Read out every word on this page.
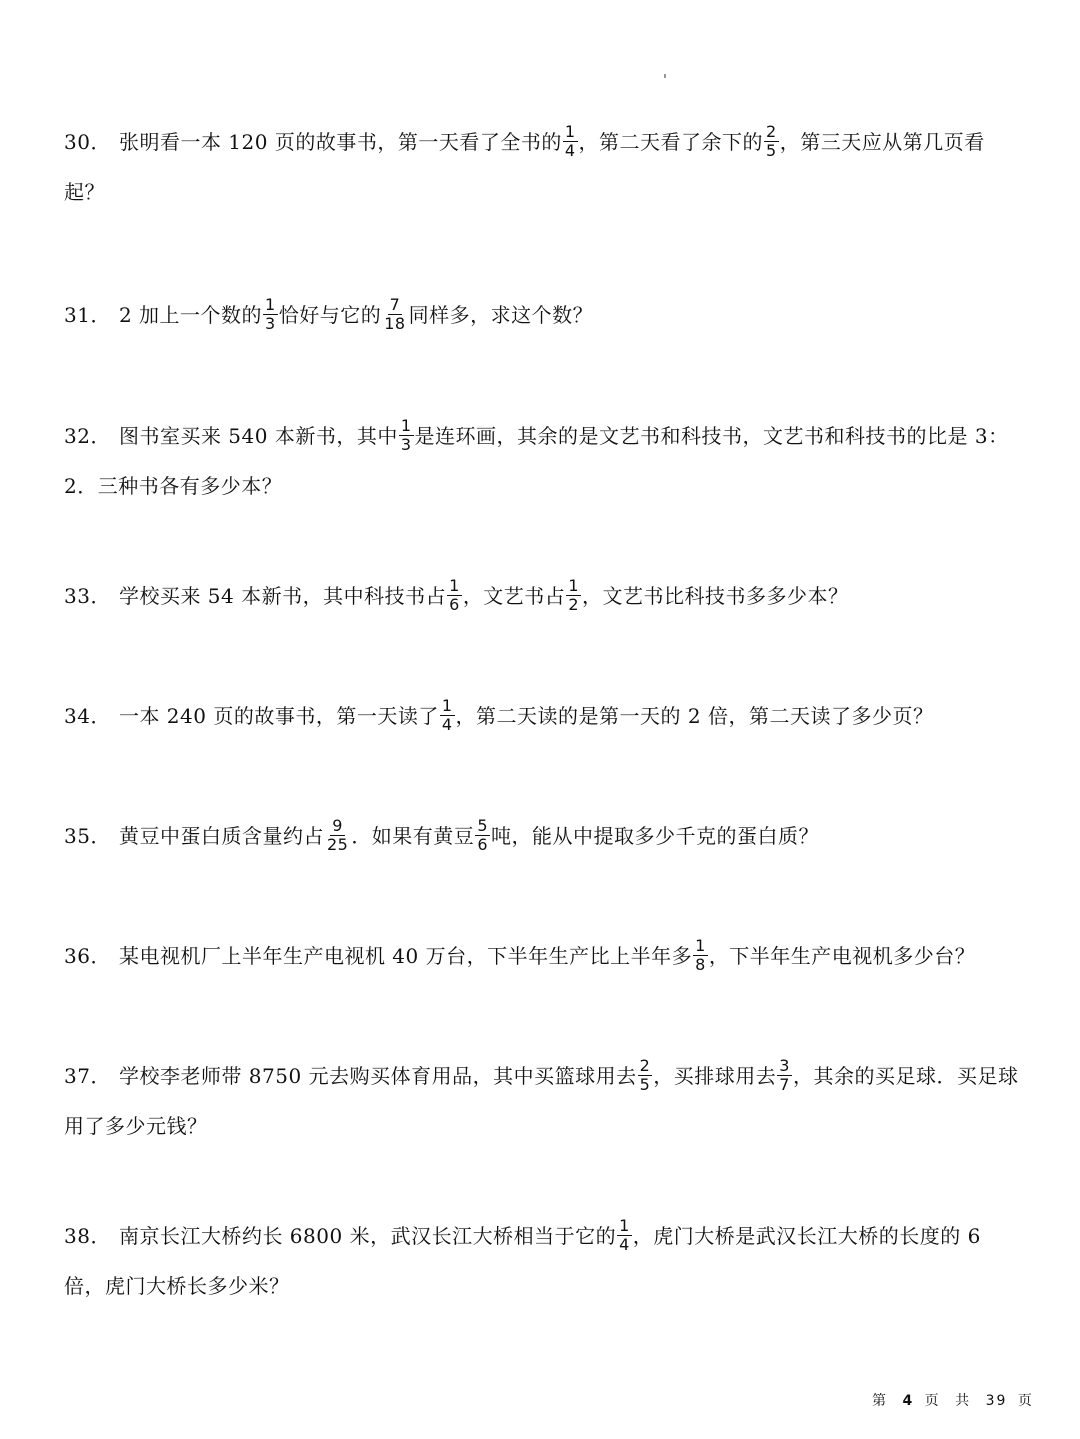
30． 张明看一本 120 页的故事书，第一天看了全书的 $\frac{1}{4}$ ，第二天看了余下的 $\frac{2}{5}$ ，第三天应从第几页看起？
31． 2 加上一个数的 $\frac{1}{3}$ 恰好与它的 $\frac{7}{18}$ 同样多，求这个数？
32． 图书室买来 540 本新书，其中 $\frac{1}{3}$ 是连环画，其余的是文艺书和科技书，文艺书和科技书的比是 3：2．三种书各有多少本？
33． 学校买来 54 本新书，其中科技书占 $\frac{1}{6}$ ，文艺书占 $\frac{1}{2}$ ，文艺书比科技书多多少本？
34． 一本 240 页的故事书，第一天读了 $\frac{1}{4}$ ，第二天读的是第一天的 2 倍，第二天读了多少页？
35． 黄豆中蛋白质含量约占 $\frac{9}{25}$ ．如果有黄豆 $\frac{5}{6}$ 吨，能从中提取多少千克的蛋白质？
36． 某电视机厂上半年生产电视机 40 万台，下半年生产比上半年多 $\frac{1}{8}$ ，下半年生产电视机多少台？
37． 学校李老师带 8750 元去购买体育用品，其中买篮球用去 $\frac{2}{5}$ ，买排球用去 $\frac{3}{7}$ ，其余的买足球．买足球用了多少元钱？
38． 南京长江大桥约长 6800 米，武汉长江大桥相当于它的 $\frac{1}{4}$ ，虎门大桥是武汉长江大桥的长度的 6 倍，虎门大桥长多少米？
第 4 页 共 39 页
